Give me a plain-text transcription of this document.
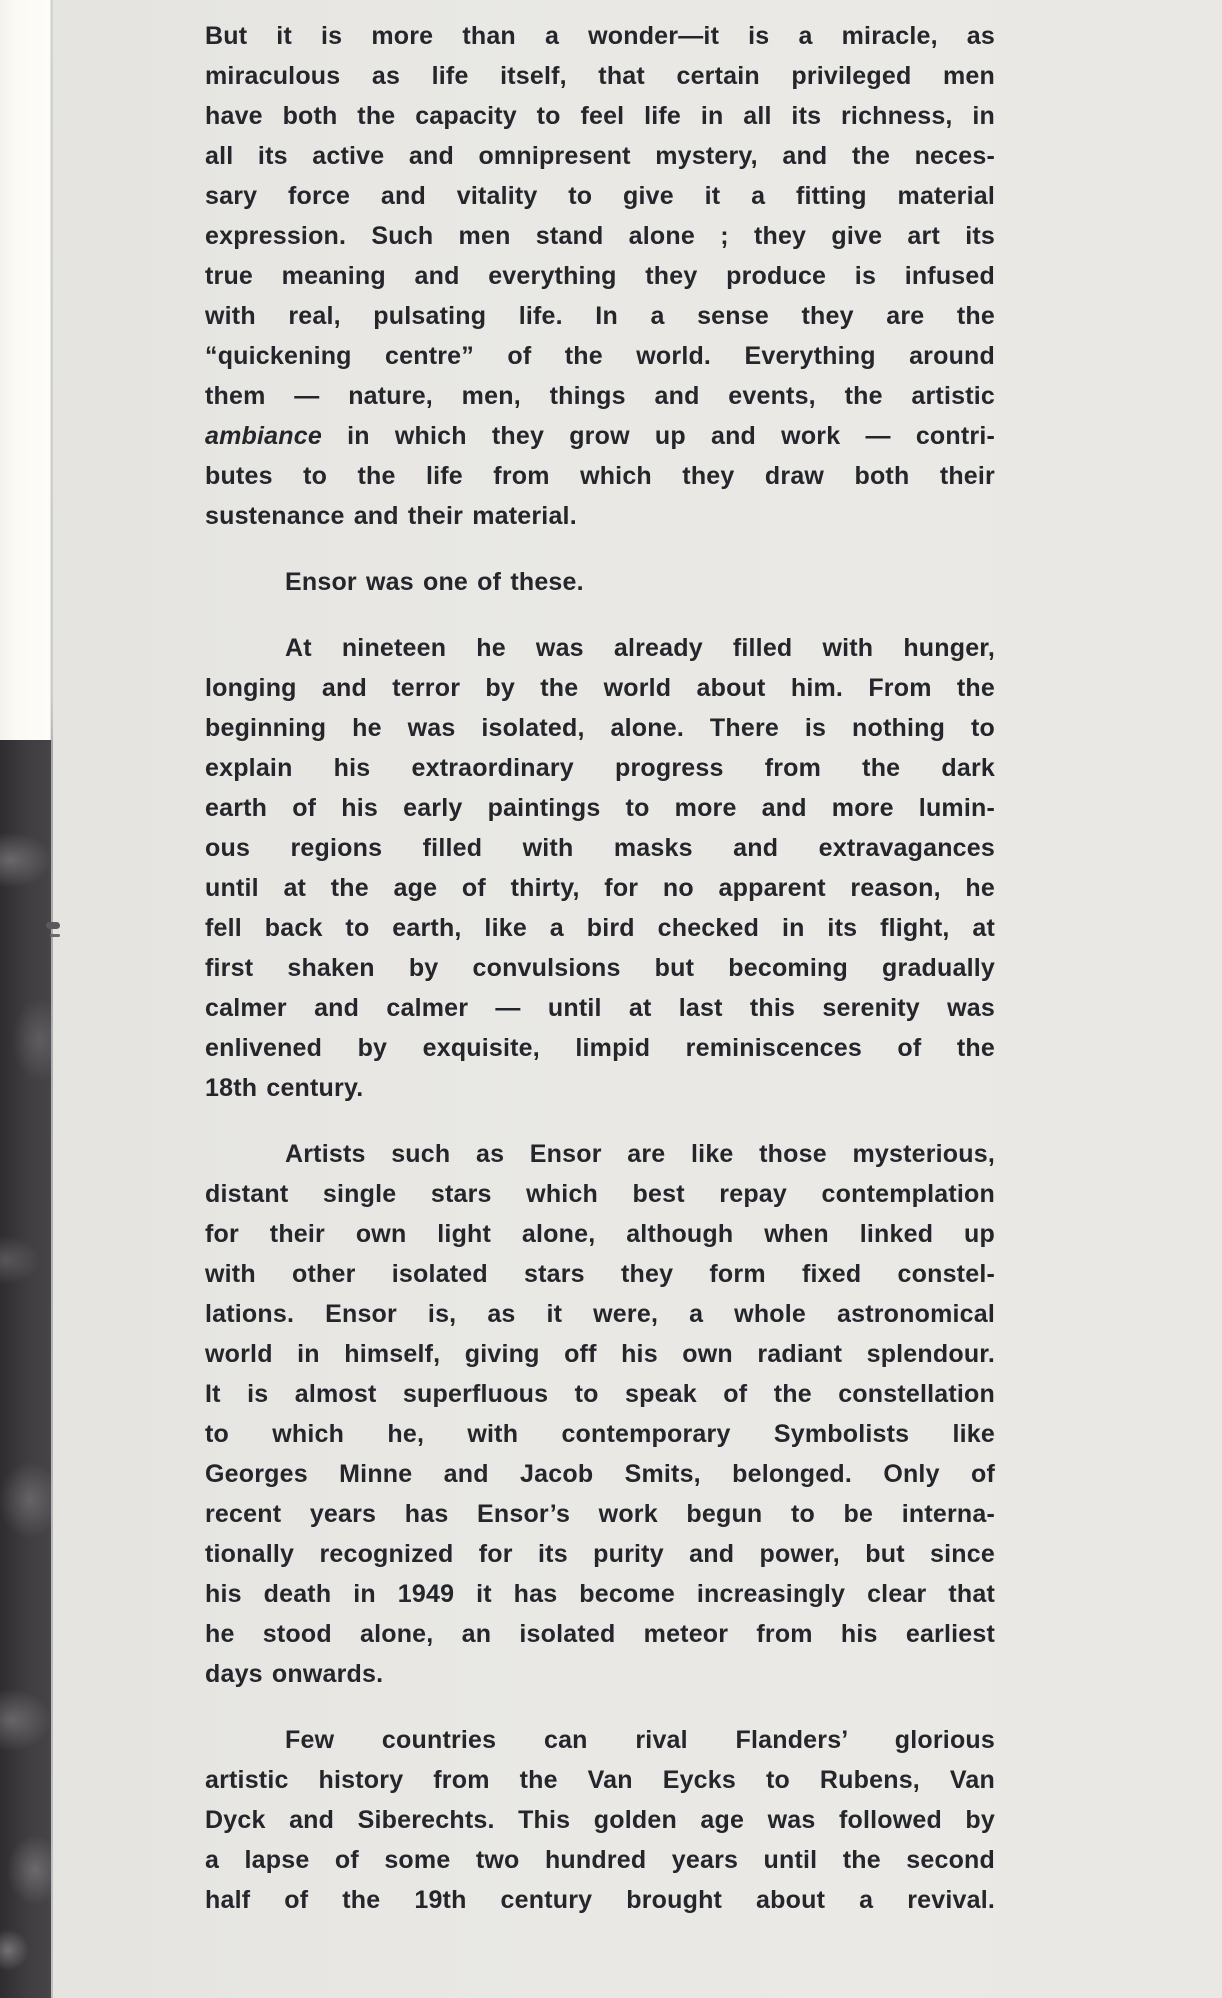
But it is more than a wonder—it is a miracle, as
miraculous as life itself, that certain privileged men
have both the capacity to feel life in all its richness, in
all its active and omnipresent mystery, and the neces-
sary force and vitality to give it a fitting material
expression. Such men stand alone ; they give art its
true meaning and everything they produce is infused
with real, pulsating life. In a sense they are the
“quickening centre” of the world. Everything around
them — nature, men, things and events, the artistic
ambiance in which they grow up and work — contri-
butes to the life from which they draw both their
sustenance and their material.
Ensor was one of these.
At nineteen he was already filled with hunger,
longing and terror by the world about him. From the
beginning he was isolated, alone. There is nothing to
explain his extraordinary progress from the dark
earth of his early paintings to more and more lumin-
ous regions filled with masks and extravagances
until at the age of thirty, for no apparent reason, he
fell back to earth, like a bird checked in its flight, at
first shaken by convulsions but becoming gradually
calmer and calmer — until at last this serenity was
enlivened by exquisite, limpid reminiscences of the
18th century.
Artists such as Ensor are like those mysterious,
distant single stars which best repay contemplation
for their own light alone, although when linked up
with other isolated stars they form fixed constel-
lations. Ensor is, as it were, a whole astronomical
world in himself, giving off his own radiant splendour.
It is almost superfluous to speak of the constellation
to which he, with contemporary Symbolists like
Georges Minne and Jacob Smits, belonged. Only of
recent years has Ensor’s work begun to be interna-
tionally recognized for its purity and power, but since
his death in 1949 it has become increasingly clear that
he stood alone, an isolated meteor from his earliest
days onwards.
Few countries can rival Flanders’ glorious
artistic history from the Van Eycks to Rubens, Van
Dyck and Siberechts. This golden age was followed by
a lapse of some two hundred years until the second
half of the 19th century brought about a revival.
